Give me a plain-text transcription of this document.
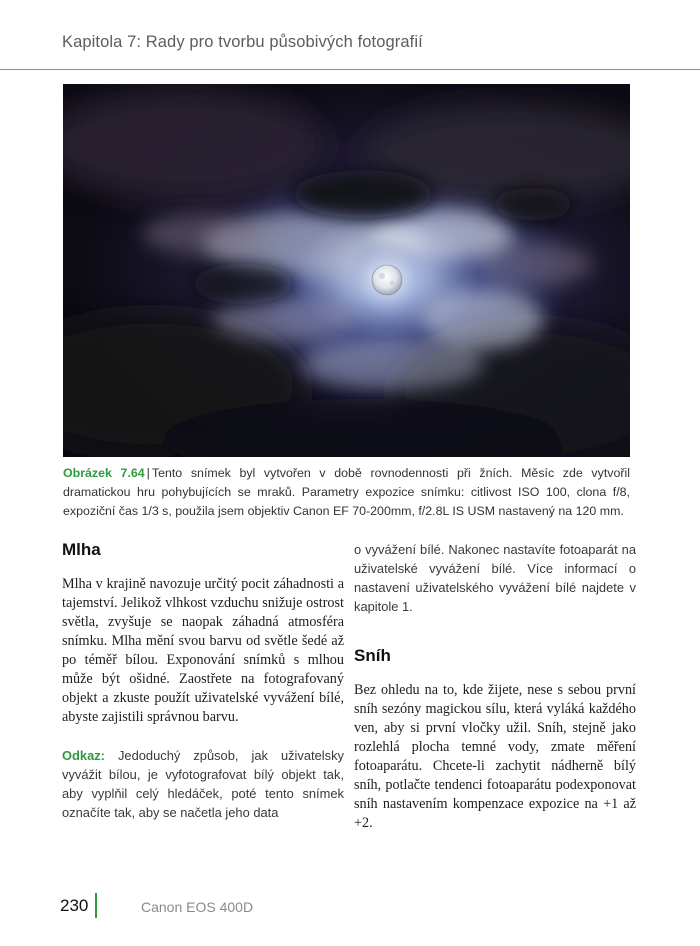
Kapitola 7: Rady pro tvorbu působivých fotografií
Obrázek 7.64 | Tento snímek byl vytvořen v době rovnodennosti při žních. Měsíc zde vytvořil dramatickou hru pohybujících se mraků. Parametry expozice snímku: citlivost ISO 100, clona f/8, expoziční čas 1/3 s, použila jsem objektiv Canon EF 70-200mm, f/2.8L IS USM nastavený na 120 mm.
Mlha

Mlha v krajině navozuje určitý pocit záhadnosti a tajemství. Jelikož vlhkost vzduchu snižuje ostrost světla, zvyšuje se naopak záhadná atmosféra snímku. Mlha mění svou barvu od světle šedé až po téměř bílou. Exponování snímků s mlhou může být ošidné. Zaostřete na fotografovaný objekt a zkuste použít uživatelské vyvážení bílé, abyste zajistili správnou barvu.

Odkaz: Jedoduchý způsob, jak uživatelsky vyvážit bílou, je vyfotografovat bílý objekt tak, aby vyplňil celý hledáček, poté tento snímek označíte tak, aby se načetla jeho data

o vyvážení bílé. Nakonec nastavíte fotoaparát na uživatelské vyvážení bílé. Více informací o nastavení uživatelského vyvážení bílé najdete v kapitole 1.

Sníh

Bez ohledu na to, kde žijete, nese s sebou první sníh sezóny magickou sílu, která vyláká každého ven, aby si první vločky užil. Sníh, stejně jako rozlehlá plocha temné vody, zmate měření fotoaparátu. Chcete-li zachytit nádherně bílý sníh, potlačte tendenci fotoaparátu podexponovat sníh nastavením kompenzace expozice na +1 až +2.

230	Canon EOS 400D
